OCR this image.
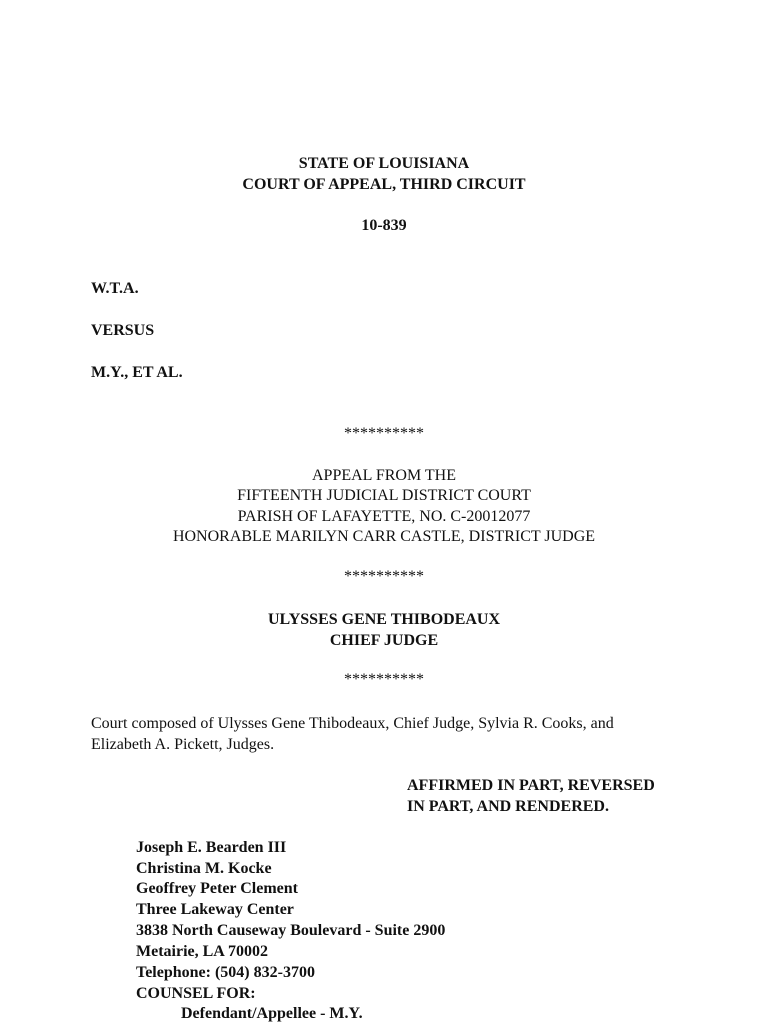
STATE OF LOUISIANA
COURT OF APPEAL, THIRD CIRCUIT
10-839
W.T.A.
VERSUS
M.Y., ET AL.
**********
APPEAL FROM THE
FIFTEENTH JUDICIAL DISTRICT COURT
PARISH OF LAFAYETTE, NO. C-20012077
HONORABLE MARILYN CARR CASTLE, DISTRICT JUDGE
**********
ULYSSES GENE THIBODEAUX
CHIEF JUDGE
**********
Court composed of Ulysses Gene Thibodeaux, Chief Judge, Sylvia R. Cooks, and
Elizabeth A. Pickett, Judges.
AFFIRMED IN PART, REVERSED
IN PART, AND RENDERED.
Joseph E. Bearden III
Christina M. Kocke
Geoffrey Peter Clement
Three Lakeway Center
3838 North Causeway Boulevard - Suite 2900
Metairie, LA 70002
Telephone: (504) 832-3700
COUNSEL FOR:
Defendant/Appellee - M.Y.
